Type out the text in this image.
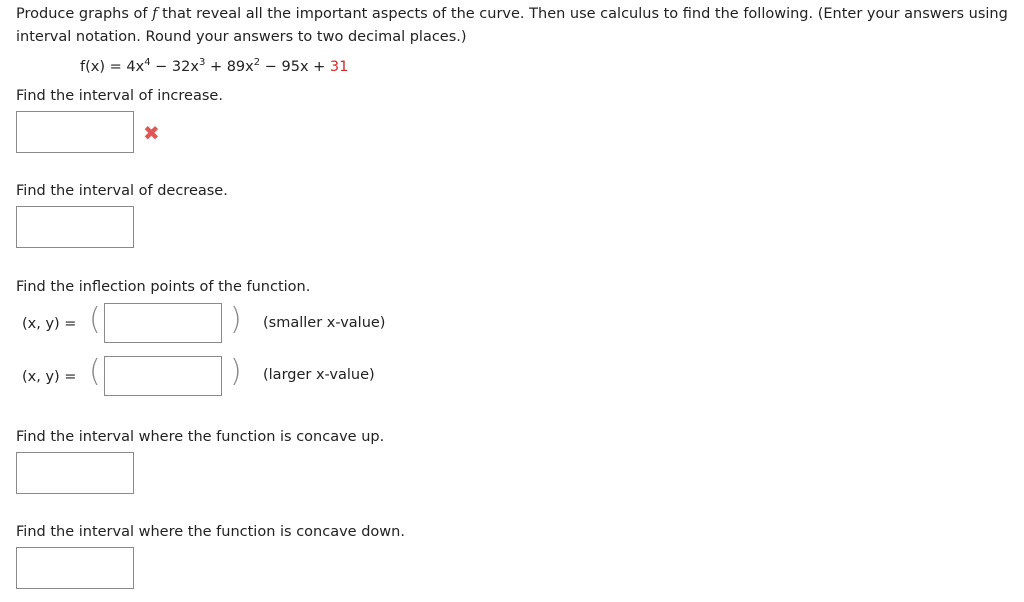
Produce graphs of f that reveal all the important aspects of the curve. Then use calculus to find the following. (Enter your answers using interval notation. Round your answers to two decimal places.)
$f(x) = 4x^4 - 32x^3 + 89x^2 - 95x + 31$
Find the interval of increase.
✖
Find the interval of decrease.
Find the inflection points of the function.
(x, y) = (	) (smaller x-value)
(x, y) = (	) (larger x-value)
Find the interval where the function is concave up.
Find the interval where the function is concave down.
